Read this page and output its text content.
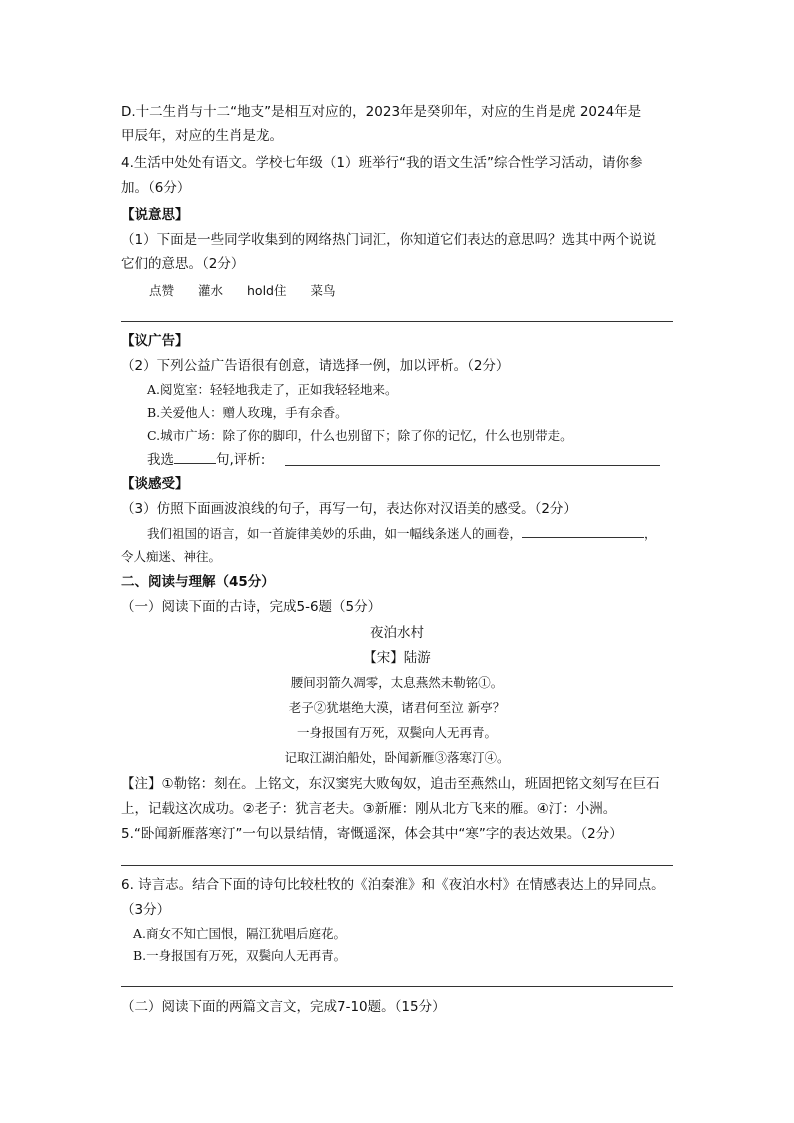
D.十二生肖与十二“地支”是相互对应的，2023年是癸卯年，对应的生肖是虎 2024年是
甲辰年，对应的生肖是龙。
4.生活中处处有语文。学校七年级（1）班举行“我的语文生活”综合性学习活动，请你参
加。（6分）
【说意思】
（1）下面是一些同学收集到的网络热门词汇，你知道它们表达的意思吗？选其中两个说说
它们的意思。（2分）
点赞 灌水 hold住 菜鸟
【议广告】
（2）下列公益广告语很有创意，请选择一例，加以评析。（2分）
A.阅览室：轻轻地我走了，正如我轻轻地来。
B.关爱他人：赠人玫瑰，手有余香。
C.城市广场：除了你的脚印，什么也别留下；除了你的记忆，什么也别带走。
我选	句,评析:
【谈感受】
（3）仿照下面画波浪线的句子，再写一句，表达你对汉语美的感受。（2分）
我们祖国的语言，如一首旋律美妙的乐曲，如一幅线条迷人的画卷，	，
令人痴迷、神往。
二、阅读与理解（45分）
（一）阅读下面的古诗，完成5-6题（5分）
夜泊水村
【宋】陆游
腰间羽箭久凋零，太息燕然未勒铭①。
老子②犹堪绝大漠，诸君何至泣 新亭？
一身报国有万死，双鬓向人无再青。
记取江湖泊船处，卧闻新雁③落寒汀④。
【注】①勒铭：刻在。上铭文，东汉窦宪大败匈奴，追击至燕然山，班固把铭文刻写在巨石
上，记载这次成功。②老子：犹言老夫。③新雁：刚从北方飞来的雁。④汀：小洲。
5.“卧闻新雁落寒汀”一句以景结情，寄慨遥深，体会其中“寒”字的表达效果。（2分）
6. 诗言志。结合下面的诗句比较杜牧的《泊秦淮》和《夜泊水村》在情感表达上的异同点。
（3分）
A.商女不知亡国恨，隔江犹唱后庭花。
B.一身报国有万死，双鬓向人无再青。
（二）阅读下面的两篇文言文，完成7-10题。（15分）
